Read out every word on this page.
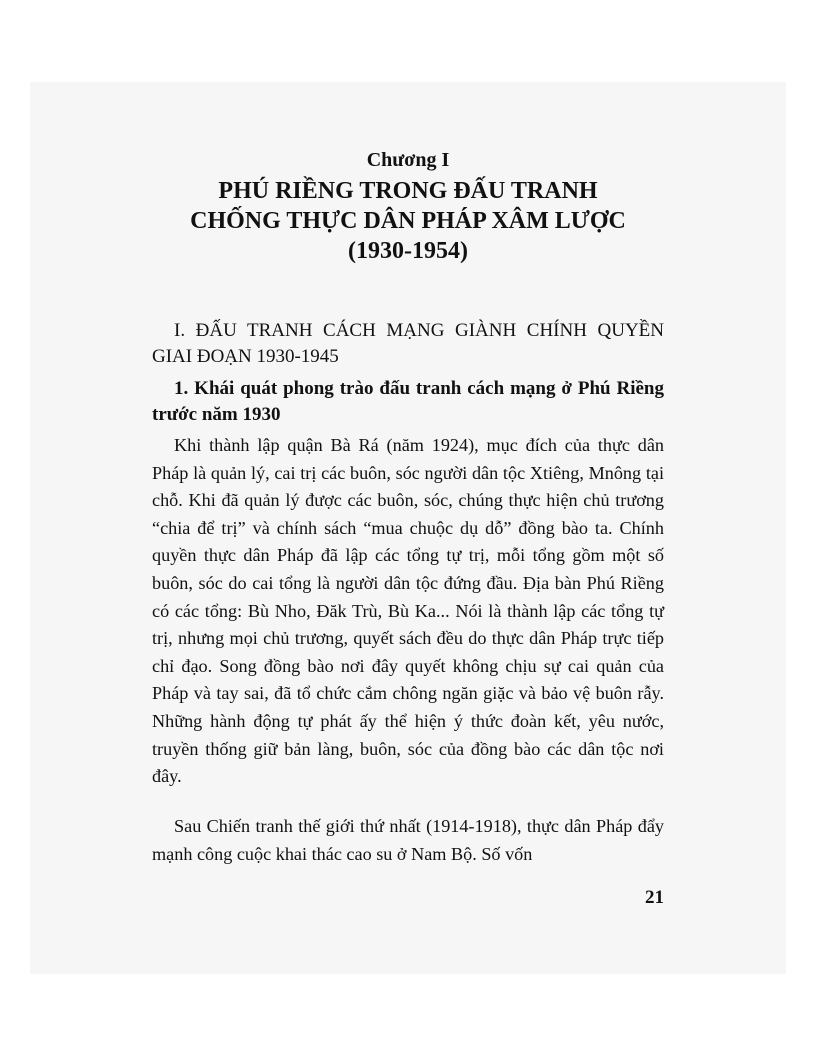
Chương I

PHÚ RIỀNG TRONG ĐẤU TRANH
CHỐNG THỰC DÂN PHÁP XÂM LƯỢC
(1930-1954)
I. ĐẤU TRANH CÁCH MẠNG GIÀNH CHÍNH QUYỀN GIAI ĐOẠN 1930-1945
1. Khái quát phong trào đấu tranh cách mạng ở Phú Riềng trước năm 1930

Khi thành lập quận Bà Rá (năm 1924), mục đích của thực dân Pháp là quản lý, cai trị các buôn, sóc người dân tộc Xtiêng, Mnông tại chỗ. Khi đã quản lý được các buôn, sóc, chúng thực hiện chủ trương “chia để trị” và chính sách “mua chuộc dụ dỗ” đồng bào ta. Chính quyền thực dân Pháp đã lập các tổng tự trị, mỗi tổng gồm một số buôn, sóc do cai tổng là người dân tộc đứng đầu. Địa bàn Phú Riềng có các tổng: Bù Nho, Đăk Trù, Bù Ka... Nói là thành lập các tổng tự trị, nhưng mọi chủ trương, quyết sách đều do thực dân Pháp trực tiếp chỉ đạo. Song đồng bào nơi đây quyết không chịu sự cai quản của Pháp và tay sai, đã tổ chức cắm chông ngăn giặc và bảo vệ buôn rẫy. Những hành động tự phát ấy thể hiện ý thức đoàn kết, yêu nước, truyền thống giữ bản làng, buôn, sóc của đồng bào các dân tộc nơi đây.

Sau Chiến tranh thế giới thứ nhất (1914-1918), thực dân Pháp đẩy mạnh công cuộc khai thác cao su ở Nam Bộ. Số vốn

21
